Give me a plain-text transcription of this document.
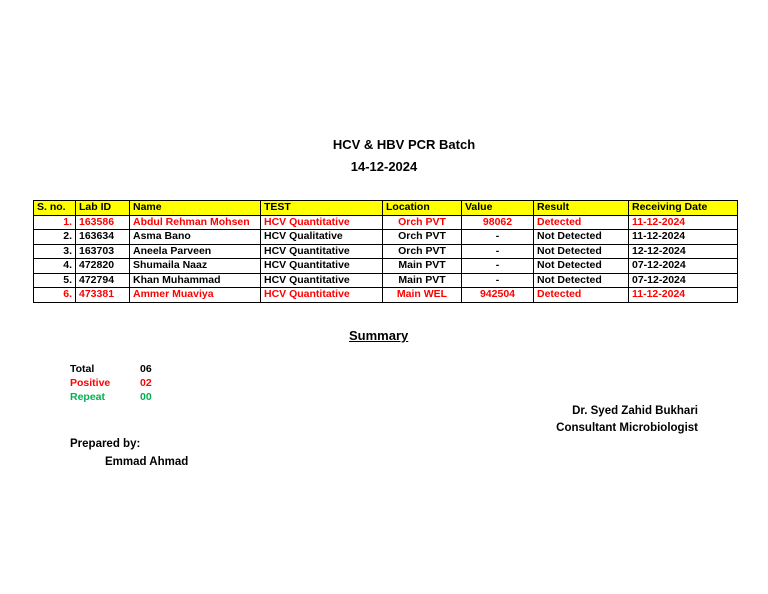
HCV & HBV PCR Batch
14-12-2024
S. no.	Lab ID	Name	TEST	Location	Value	Result	Receiving Date
1.	163586	Abdul Rehman Mohsen	HCV Quantitative	Orch PVT	98062	Detected	11-12-2024
2.	163634	Asma Bano	HCV Qualitative	Orch PVT	-	Not Detected	11-12-2024
3.	163703	Aneela Parveen	HCV Quantitative	Orch PVT	-	Not Detected	12-12-2024
4.	472820	Shumaila Naaz	HCV Quantitative	Main PVT	-	Not Detected	07-12-2024
5.	472794	Khan Muhammad	HCV Quantitative	Main PVT	-	Not Detected	07-12-2024
6.	473381	Ammer Muaviya	HCV Quantitative	Main WEL	942504	Detected	11-12-2024
Summary
Total	06
Positive	02
Repeat	00
Dr. Syed Zahid Bukhari
Consultant Microbiologist
Prepared by:
Emmad Ahmad
